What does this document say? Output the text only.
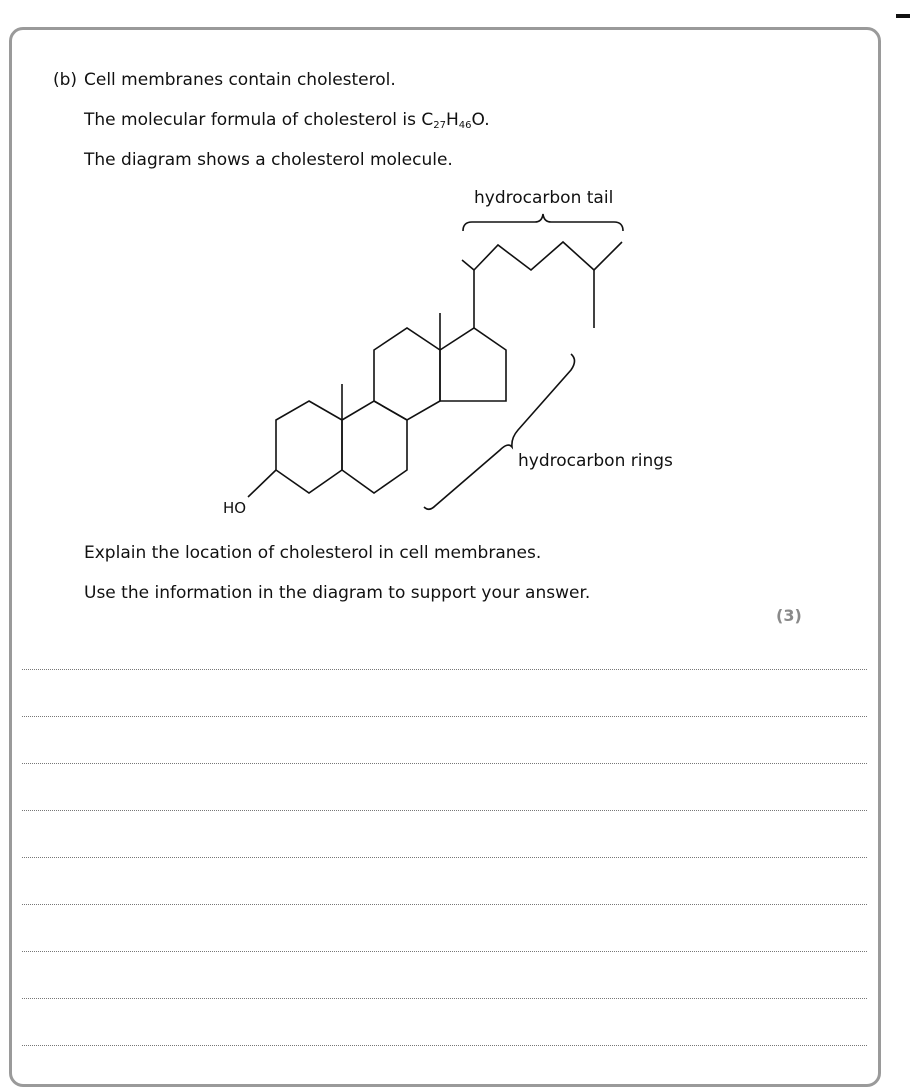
(b) Cell membranes contain cholesterol.
The molecular formula of cholesterol is $C_{27}H_{46}O$.
The diagram shows a cholesterol molecule.
hydrocarbon tail
hydrocarbon rings
HO
Explain the location of cholesterol in cell membranes.
Use the information in the diagram to support your answer.
(3)
